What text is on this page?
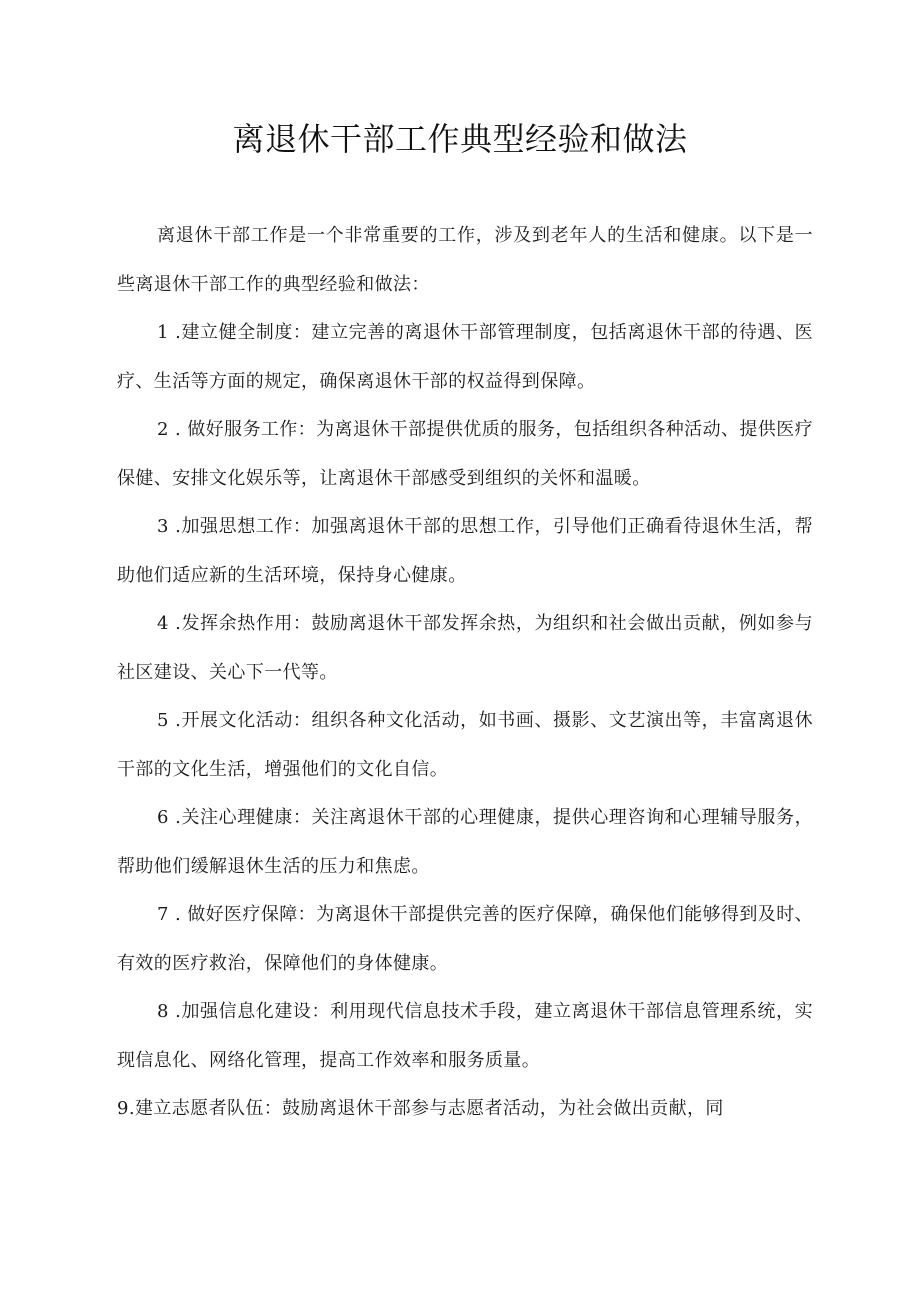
离退休干部工作典型经验和做法

离退休干部工作是一个非常重要的工作，涉及到老年人的生活和健康。以下是一些离退休干部工作的典型经验和做法：

1 .建立健全制度：建立完善的离退休干部管理制度，包括离退休干部的待遇、医疗、生活等方面的规定，确保离退休干部的权益得到保障。

2 . 做好服务工作：为离退休干部提供优质的服务，包括组织各种活动、提供医疗保健、安排文化娱乐等，让离退休干部感受到组织的关怀和温暖。

3 .加强思想工作：加强离退休干部的思想工作，引导他们正确看待退休生活，帮助他们适应新的生活环境，保持身心健康。

4 .发挥余热作用：鼓励离退休干部发挥余热，为组织和社会做出贡献，例如参与社区建设、关心下一代等。

5 .开展文化活动：组织各种文化活动，如书画、摄影、文艺演出等，丰富离退休干部的文化生活，增强他们的文化自信。

6 .关注心理健康：关注离退休干部的心理健康，提供心理咨询和心理辅导服务，帮助他们缓解退休生活的压力和焦虑。

7 . 做好医疗保障：为离退休干部提供完善的医疗保障，确保他们能够得到及时、有效的医疗救治，保障他们的身体健康。

8 .加强信息化建设：利用现代信息技术手段，建立离退休干部信息管理系统，实现信息化、网络化管理，提高工作效率和服务质量。

9.建立志愿者队伍：鼓励离退休干部参与志愿者活动，为社会做出贡献，同
